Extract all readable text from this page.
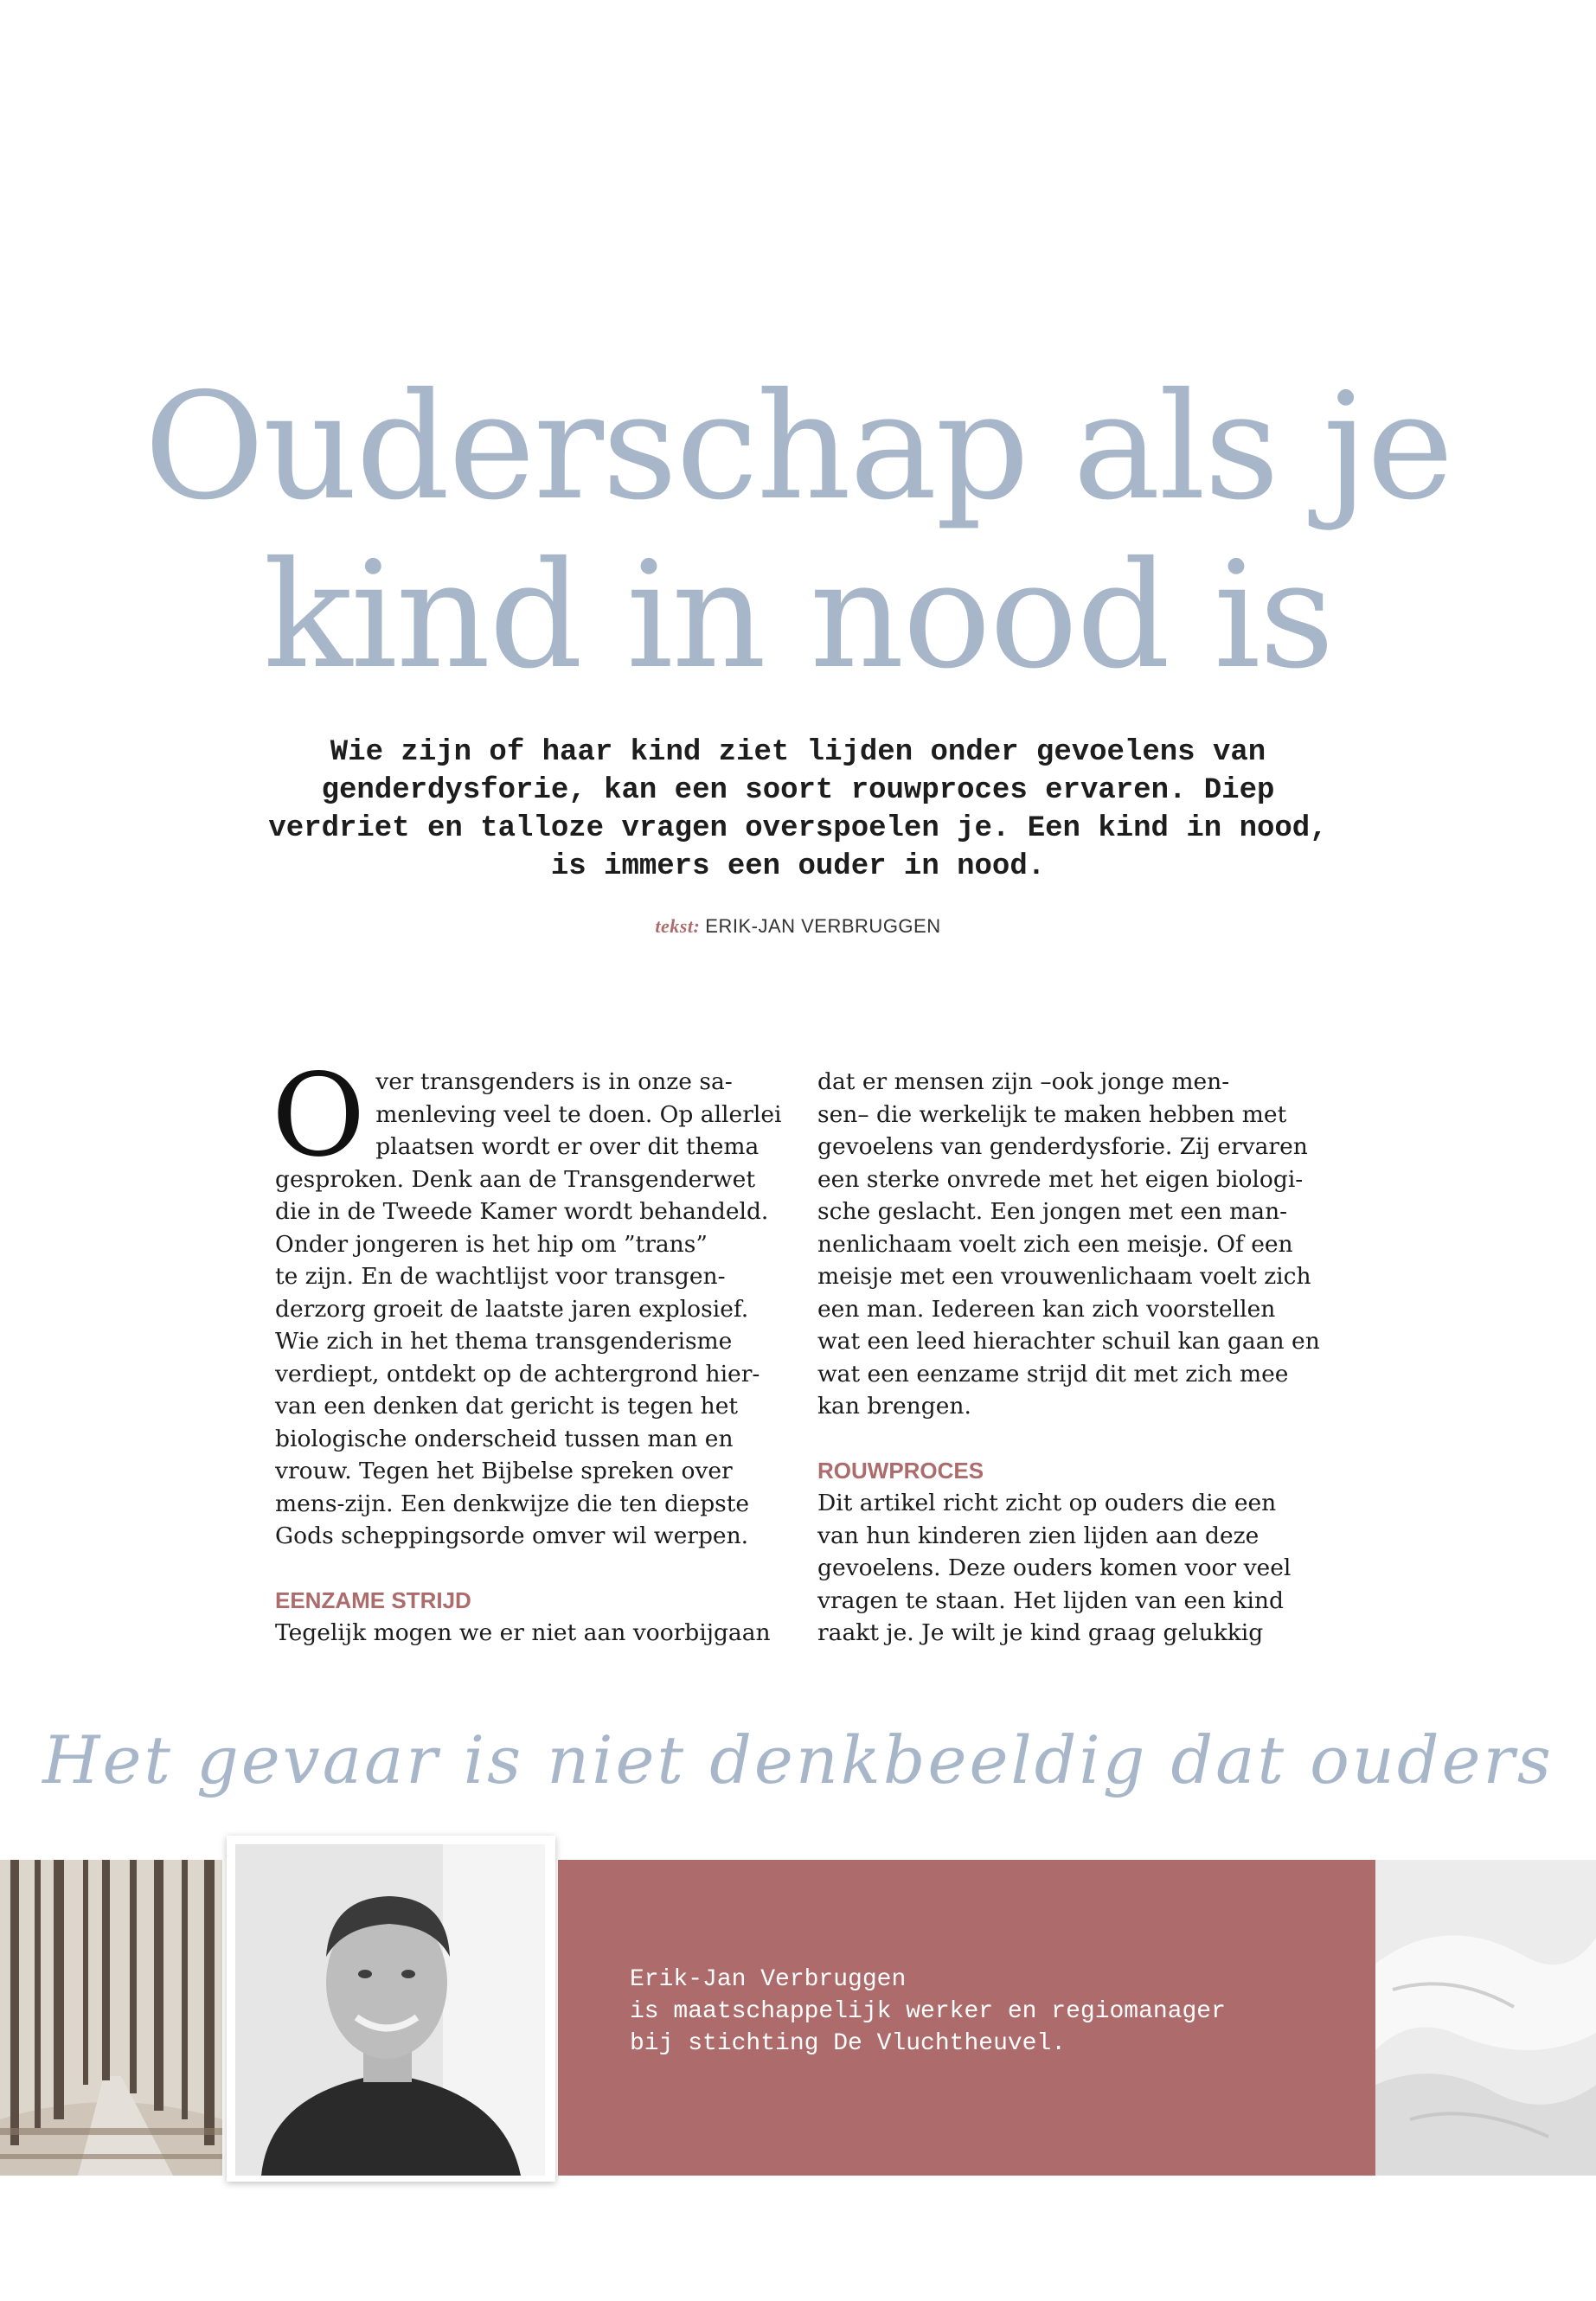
Ouderschap als je
kind in nood is

Wie zijn of haar kind ziet lijden onder gevoelens van
genderdysforie, kan een soort rouwproces ervaren. Diep
verdriet en talloze vragen overspoelen je. Een kind in nood,
is immers een ouder in nood.

tekst: ERIK-JAN VERBRUGGEN
O ver transgenders is in onze sa-
menleving veel te doen. Op allerlei
plaatsen wordt er over dit thema
gesproken. Denk aan de Transgenderwet
die in de Tweede Kamer wordt behandeld.
Onder jongeren is het hip om ”trans”
te zijn. En de wachtlijst voor transgen-
derzorg groeit de laatste jaren explosief.
Wie zich in het thema transgenderisme
verdiept, ontdekt op de achtergrond hier-
van een denken dat gericht is tegen het
biologische onderscheid tussen man en
vrouw. Tegen het Bijbelse spreken over
mens-zijn. Een denkwijze die ten diepste
Gods scheppingsorde omver wil werpen.
EENZAME STRIJD
Tegelijk mogen we er niet aan voorbijgaan
dat er mensen zijn –ook jonge men-
sen– die werkelijk te maken hebben met
gevoelens van genderdysforie. Zij ervaren
een sterke onvrede met het eigen biologi-
sche geslacht. Een jongen met een man-
nenlichaam voelt zich een meisje. Of een
meisje met een vrouwenlichaam voelt zich
een man. Iedereen kan zich voorstellen
wat een leed hierachter schuil kan gaan en
wat een eenzame strijd dit met zich mee
kan brengen.
ROUWPROCES
Dit artikel richt zicht op ouders die een
van hun kinderen zien lijden aan deze
gevoelens. Deze ouders komen voor veel
vragen te staan. Het lijden van een kind
raakt je. Je wilt je kind graag gelukkig
Het gevaar is niet denkbeeldig dat ouders

Erik-Jan Verbruggen
is maatschappelijk werker en regiomanager
bij stichting De Vluchtheuvel.
